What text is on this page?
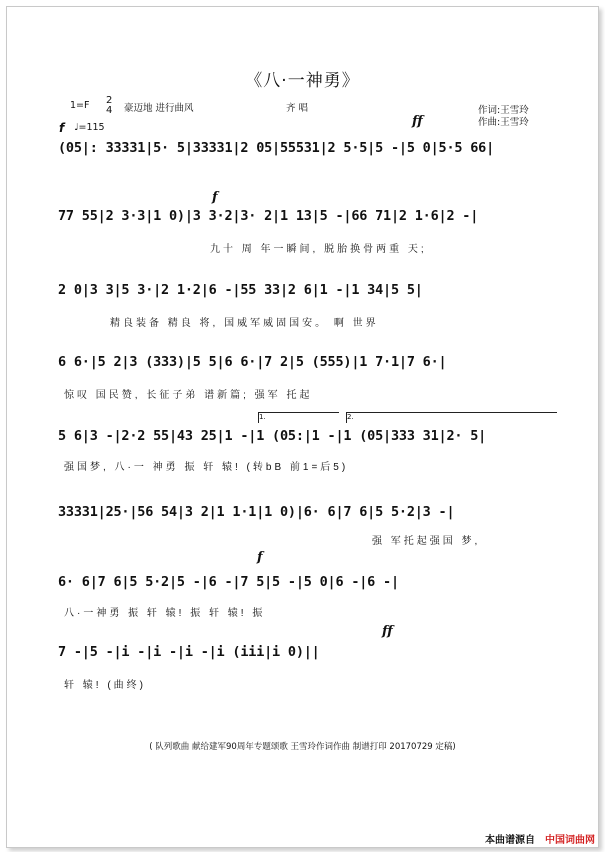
《八·一神勇》
1=F 2
4 豪迈地 进行曲风	齐 唱
f ♩=115
作词:王雪玲
作曲:王雪玲
ff
f
f
ff
1.	2.
(05|: 33331|5· 5|33331|2 05|55531|2 5·5|5 -|5 0|5·5 66|
77 55|2 3·3|1 0)|3 3·2|3· 2|1 13|5 -|66 71|2 1·6|2 -|
九十 周 年一瞬间, 脱胎换骨两重 天;
2 0|3 3|5 3·|2 1·2|6 -|55 33|2 6|1 -|1 34|5 5|
精良装备 精良 将, 国威军威固国安。 啊 世界
6 6·|5 2|3 (333)|5 5|6 6·|7 2|5 (555)|1 7·1|7 6·|
惊叹 国民赞, 长征子弟 谱新篇; 强军 托起
5 6|3 -|2·2 55|43 25|1 -|1 (05:|1 -|1 (05|333 31|2· 5|
强国梦, 八·一 神勇 振 轩 辕! (转bB 前1=后5)
33331|25·|56 54|3 2|1 1·1|1 0)|6· 6|7 6|5 5·2|3 -|
强 军托起强国 梦,
6· 6|7 6|5 5·2|5 -|6 -|7 5|5 -|5 0|6 -|6 -|
八·一神勇 振 轩 辕! 振 轩 辕! 振
7 -|5 -|i -|i -|i -|i (iii|i 0)||
轩 辕! (曲终)
( 队列歌曲 献给建军90周年专题颂歌 王雪玲作词作曲 制谱打印 20170729 定稿)
本曲谱源自 中国词曲网
